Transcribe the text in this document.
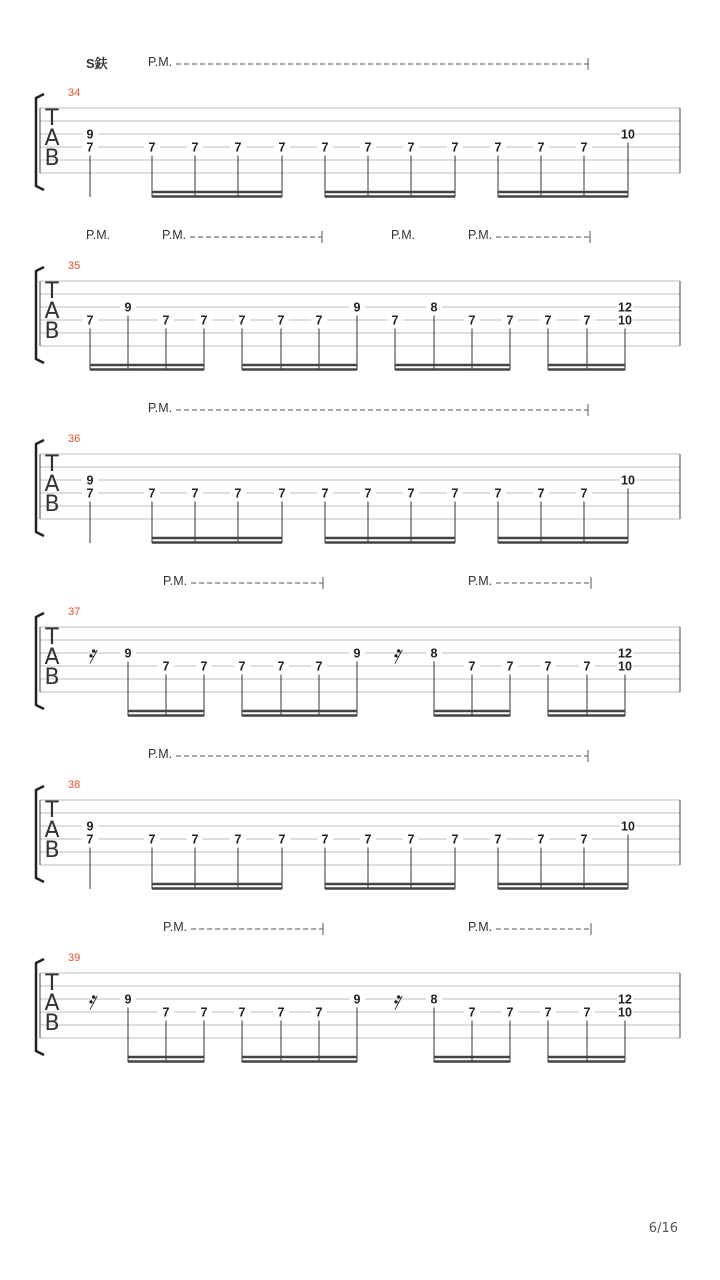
S鈇
T
A
B
34
P.M.
9
7	7	7	7	7	7	7	7	7	7	7	7
10
T
A
B
35
P.M.	P.M.	P.M.	P.M.
7
9
7 7 7	7 7
9
7
8
7 7 7	7
12
10
T
A
B
36
P.M.
9
7	7	7	7	7	7	7	7	7	7	7	7
10
T
A
B
37
P.M.	P.M.
𝄿 9
7 7 7	7 7
9 𝄿 8
7 7 7	7
12
10
T
A
B
38
P.M.
9
7	7	7	7	7	7	7	7	7	7	7	7
10
T
A
B
39
P.M.	P.M.
𝄿 9
7 7 7	7 7
9 𝄿 8
7 7 7	7
12
10
6/16
